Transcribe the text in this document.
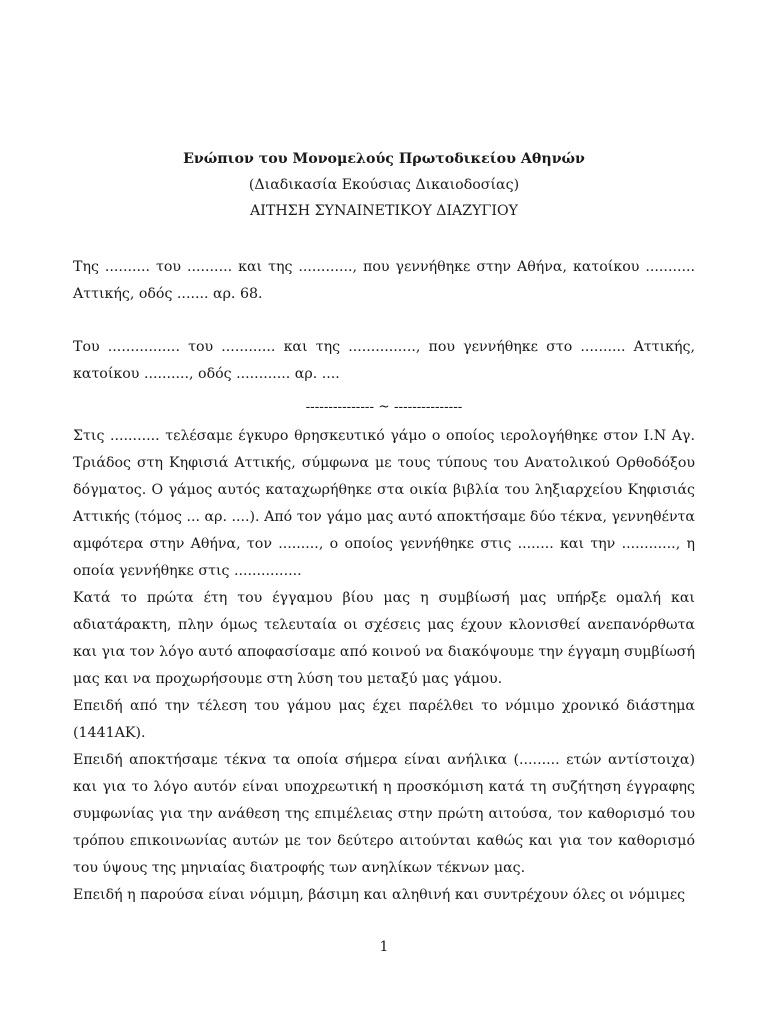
Ενώπιον του Μονομελούς Πρωτοδικείου Αθηνών
(Διαδικασία Εκούσιας Δικαιοδοσίας)
ΑΙΤΗΣΗ ΣΥΝΑΙΝΕΤΙΚΟΥ ΔΙΑΖΥΓΙΟΥ

Της .......... του .......... και της ............, που γεννήθηκε στην Αθήνα, κατοίκου ........... Αττικής, οδός ....... αρ. 68.

Του ................ του ............ και της ..............., που γεννήθηκε στο .......... Αττικής, κατοίκου .........., οδός ............ αρ. ....

--------------- ~ ---------------

Στις ........... τελέσαμε έγκυρο θρησκευτικό γάμο ο οποίος ιερολογήθηκε στον Ι.Ν Αγ. Τριάδος στη Κηφισιά Αττικής, σύμφωνα με τους τύπους του Ανατολικού Ορθοδόξου δόγματος. Ο γάμος αυτός καταχωρήθηκε στα οικία βιβλία του ληξιαρχείου Κηφισιάς Αττικής (τόμος ... αρ. ....). Από τον γάμο μας αυτό αποκτήσαμε δύο τέκνα, γεννηθέντα αμφότερα στην Αθήνα, τον ........., ο οποίος γεννήθηκε στις ........ και την ............, η οποία γεννήθηκε στις ...............

Κατά το πρώτα έτη του έγγαμου βίου μας η συμβίωσή μας υπήρξε ομαλή και αδιατάρακτη, πλην όμως τελευταία οι σχέσεις μας έχουν κλονισθεί ανεπανόρθωτα και για τον λόγο αυτό αποφασίσαμε από κοινού να διακόψουμε την έγγαμη συμβίωσή μας και να προχωρήσουμε στη λύση του μεταξύ μας γάμου.

Επειδή από την τέλεση του γάμου μας έχει παρέλθει το νόμιμο χρονικό διάστημα (1441ΑΚ).

Επειδή αποκτήσαμε τέκνα τα οποία σήμερα είναι ανήλικα (......... ετών αντίστοιχα) και για το λόγο αυτόν είναι υποχρεωτική η προσκόμιση κατά τη συζήτηση έγγραφης συμφωνίας για την ανάθεση της επιμέλειας στην πρώτη αιτούσα, τον καθορισμό του τρόπου επικοινωνίας αυτών με τον δεύτερο αιτούνται καθώς και για τον καθορισμό του ύψους της μηνιαίας διατροφής των ανηλίκων τέκνων μας.

Επειδή η παρούσα είναι νόμιμη, βάσιμη και αληθινή και συντρέχουν όλες οι νόμιμες

1
